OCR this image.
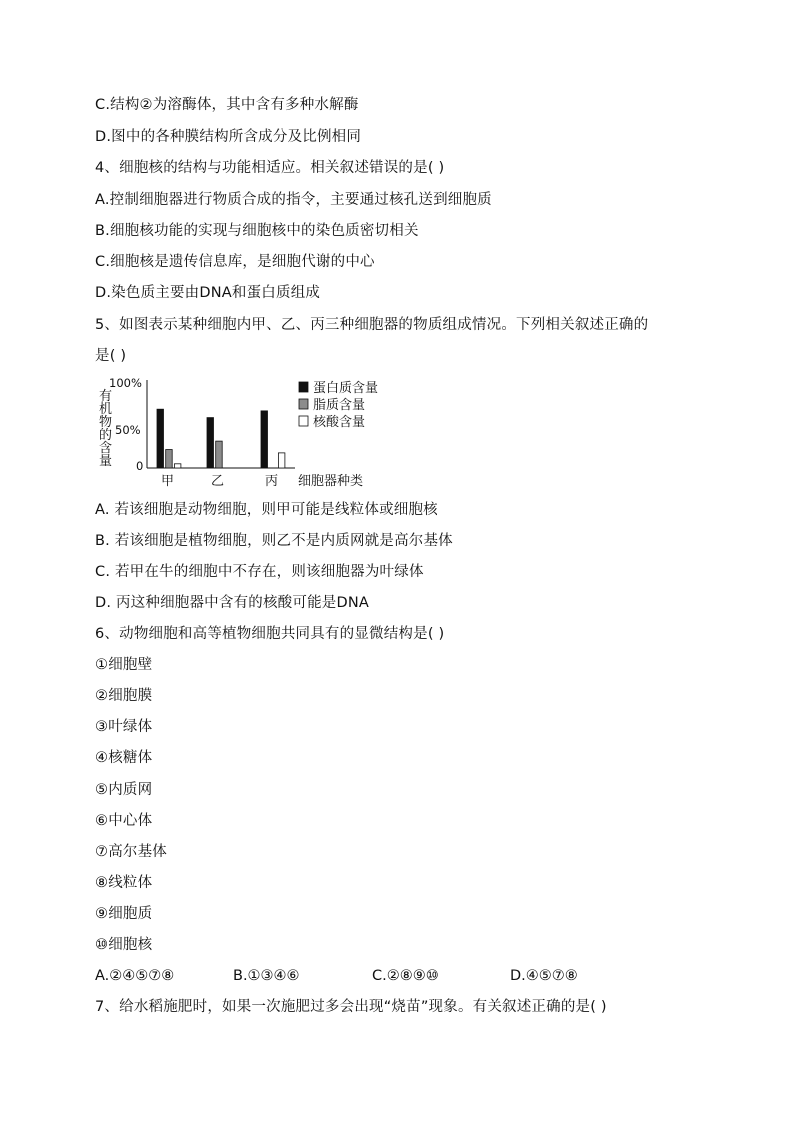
C.结构②为溶酶体，其中含有多种水解酶
D.图中的各种膜结构所含成分及比例相同
4、细胞核的结构与功能相适应。相关叙述错误的是( )
A.控制细胞器进行物质合成的指令，主要通过核孔送到细胞质
B.细胞核功能的实现与细胞核中的染色质密切相关
C.细胞核是遗传信息库，是细胞代谢的中心
D.染色质主要由DNA和蛋白质组成
5、如图表示某种细胞内甲、乙、丙三种细胞器的物质组成情况。下列相关叙述正确的
是( )
有
机
物
的
含
量
100%
50%
0
甲	乙	丙 细胞器种类
蛋白质含量
脂质含量
核酸含量
A. 若该细胞是动物细胞，则甲可能是线粒体或细胞核
B. 若该细胞是植物细胞，则乙不是内质网就是高尔基体
C. 若甲在牛的细胞中不存在，则该细胞器为叶绿体
D. 丙这种细胞器中含有的核酸可能是DNA
6、动物细胞和高等植物细胞共同具有的显微结构是( )
①细胞壁
②细胞膜
③叶绿体
④核糖体
⑤内质网
⑥中心体
⑦高尔基体
⑧线粒体
⑨细胞质
⑩细胞核
A.②④⑤⑦⑧	B.①③④⑥	C.②⑧⑨⑩	D.④⑤⑦⑧
7、给水稻施肥时，如果一次施肥过多会出现“烧苗”现象。有关叙述正确的是( )
